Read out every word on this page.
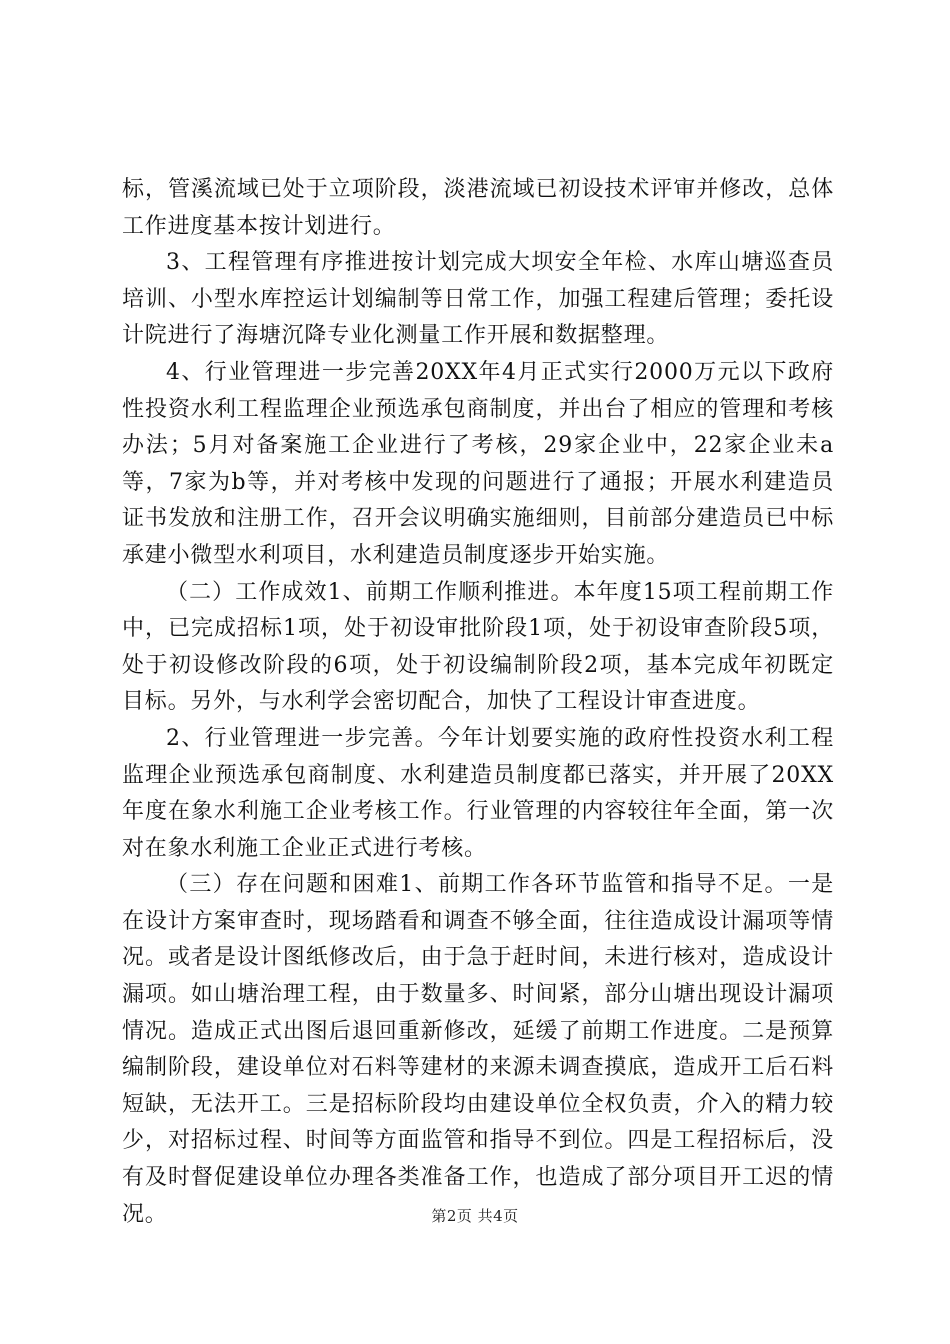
标，管溪流域已处于立项阶段，淡港流域已初设技术评审并修改，总体工作进度基本按计划进行。

3、工程管理有序推进按计划完成大坝安全年检、水库山塘巡查员培训、小型水库控运计划编制等日常工作，加强工程建后管理；委托设计院进行了海塘沉降专业化测量工作开展和数据整理。

4、行业管理进一步完善20XX年4月正式实行2000万元以下政府性投资水利工程监理企业预选承包商制度，并出台了相应的管理和考核办法；5月对备案施工企业进行了考核，29家企业中，22家企业未a等，7家为b等，并对考核中发现的问题进行了通报；开展水利建造员证书发放和注册工作，召开会议明确实施细则，目前部分建造员已中标承建小微型水利项目，水利建造员制度逐步开始实施。

（二）工作成效1、前期工作顺利推进。本年度15项工程前期工作中，已完成招标1项，处于初设审批阶段1项，处于初设审查阶段5项，处于初设修改阶段的6项，处于初设编制阶段2项，基本完成年初既定目标。另外，与水利学会密切配合，加快了工程设计审查进度。

2、行业管理进一步完善。今年计划要实施的政府性投资水利工程监理企业预选承包商制度、水利建造员制度都已落实，并开展了20XX年度在象水利施工企业考核工作。行业管理的内容较往年全面，第一次对在象水利施工企业正式进行考核。

（三）存在问题和困难1、前期工作各环节监管和指导不足。一是在设计方案审查时，现场踏看和调查不够全面，往往造成设计漏项等情况。或者是设计图纸修改后，由于急于赶时间，未进行核对，造成设计漏项。如山塘治理工程，由于数量多、时间紧，部分山塘出现设计漏项情况。造成正式出图后退回重新修改，延缓了前期工作进度。二是预算编制阶段，建设单位对石料等建材的来源未调查摸底，造成开工后石料短缺，无法开工。三是招标阶段均由建设单位全权负责，介入的精力较少，对招标过程、时间等方面监管和指导不到位。四是工程招标后，没有及时督促建设单位办理各类准备工作，也造成了部分项目开工迟的情况。	第2页 共4页
